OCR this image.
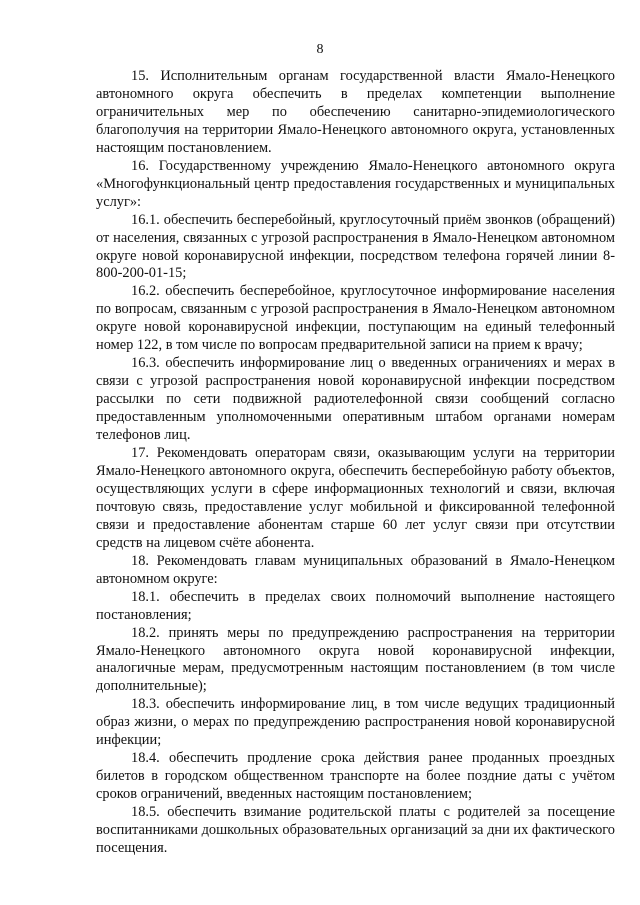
8

15. Исполнительным органам государственной власти Ямало-Ненецкого автономного округа обеспечить в пределах компетенции выполнение ограничительных мер по обеспечению санитарно-эпидемиологического благополучия на территории Ямало-Ненецкого автономного округа, установленных настоящим постановлением.

16. Государственному учреждению Ямало-Ненецкого автономного округа «Многофункциональный центр предоставления государственных и муниципальных услуг»:

16.1. обеспечить бесперебойный, круглосуточный приём звонков (обращений) от населения, связанных с угрозой распространения в Ямало-Ненецком автономном округе новой коронавирусной инфекции, посредством телефона горячей линии 8-800-200-01-15;

16.2. обеспечить бесперебойное, круглосуточное информирование населения по вопросам, связанным с угрозой распространения в Ямало-Ненецком автономном округе новой коронавирусной инфекции, поступающим на единый телефонный номер 122, в том числе по вопросам предварительной записи на прием к врачу;

16.3. обеспечить информирование лиц о введенных ограничениях и мерах в связи с угрозой распространения новой коронавирусной инфекции посредством рассылки по сети подвижной радиотелефонной связи сообщений согласно предоставленным уполномоченными оперативным штабом органами номерам телефонов лиц.

17. Рекомендовать операторам связи, оказывающим услуги на территории Ямало-Ненецкого автономного округа, обеспечить бесперебойную работу объектов, осуществляющих услуги в сфере информационных технологий и связи, включая почтовую связь, предоставление услуг мобильной и фиксированной телефонной связи и предоставление абонентам старше 60 лет услуг связи при отсутствии средств на лицевом счёте абонента.

18. Рекомендовать главам муниципальных образований в Ямало-Ненецком автономном округе:

18.1. обеспечить в пределах своих полномочий выполнение настоящего постановления;

18.2. принять меры по предупреждению распространения на территории Ямало-Ненецкого автономного округа новой коронавирусной инфекции, аналогичные мерам, предусмотренным настоящим постановлением (в том числе дополнительные);

18.3. обеспечить информирование лиц, в том числе ведущих традиционный образ жизни, о мерах по предупреждению распространения новой коронавирусной инфекции;

18.4. обеспечить продление срока действия ранее проданных проездных билетов в городском общественном транспорте на более поздние даты с учётом сроков ограничений, введенных настоящим постановлением;

18.5. обеспечить взимание родительской платы с родителей за посещение воспитанниками дошкольных образовательных организаций за дни их фактического посещения.
